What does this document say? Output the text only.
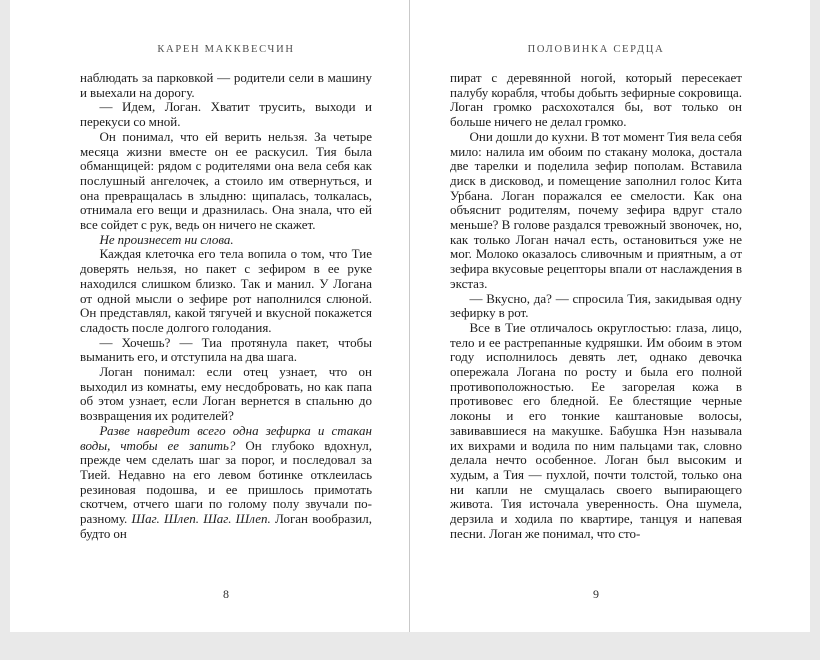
КАРЕН МАККВЕСЧИН

наблюдать за парковкой — родители сели в машину и выехали на дорогу.

— Идем, Логан. Хватит трусить, выходи и перекуси со мной.

Он понимал, что ей верить нельзя. За четыре месяца жизни вместе он ее раскусил. Тия была обманщицей: рядом с родителями она вела себя как послушный ангелочек, а стоило им отвернуться, и она превращалась в злыдню: щипалась, толкалась, отнимала его вещи и дразнилась. Она знала, что ей все сойдет с рук, ведь он ничего не скажет.

Не произнесет ни слова.

Каждая клеточка его тела вопила о том, что Тие доверять нельзя, но пакет с зефиром в ее руке находился слишком близко. Так и манил. У Логана от одной мысли о зефире рот наполнился слюной. Он представлял, какой тягучей и вкусной покажется сладость после долгого голодания.

— Хочешь? — Тиа протянула пакет, чтобы выманить его, и отступила на два шага.

Логан понимал: если отец узнает, что он выходил из комнаты, ему несдобровать, но как папа об этом узнает, если Логан вернется в спальню до возвращения их родителей?

Разве навредит всего одна зефирка и стакан воды, чтобы ее запить? Он глубоко вдохнул, прежде чем сделать шаг за порог, и последовал за Тией. Недавно на его левом ботинке отклеилась резиновая подошва, и ее пришлось примотать скотчем, отчего шаги по голому полу звучали по-разному. Шаг. Шлеп. Шаг. Шлеп. Логан вообразил, будто он

8
ПОЛОВИНКА СЕРДЦА

пират с деревянной ногой, который пересекает палубу корабля, чтобы добыть зефирные сокровища. Логан громко расхохотался бы, вот только он больше ничего не делал громко.

Они дошли до кухни. В тот момент Тия вела себя мило: налила им обоим по стакану молока, достала две тарелки и поделила зефир пополам. Вставила диск в дисковод, и помещение заполнил голос Кита Урбана. Логан поражался ее смелости. Как она объяснит родителям, почему зефира вдруг стало меньше? В голове раздался тревожный звоночек, но, как только Логан начал есть, остановиться уже не мог. Молоко оказалось сливочным и приятным, а от зефира вкусовые рецепторы впали от наслаждения в экстаз.

— Вкусно, да? — спросила Тия, закидывая одну зефирку в рот.

Все в Тие отличалось округлостью: глаза, лицо, тело и ее растрепанные кудряшки. Им обоим в этом году исполнилось девять лет, однако девочка опережала Логана по росту и была его полной противоположностью. Ее загорелая кожа в противовес его бледной. Ее блестящие черные локоны и его тонкие каштановые волосы, завивавшиеся на макушке. Бабушка Нэн называла их вихрами и водила по ним пальцами так, словно делала нечто особенное. Логан был высоким и худым, а Тия — пухлой, почти толстой, только она ни капли не смущалась своего выпирающего живота. Тия источала уверенность. Она шумела, дерзила и ходила по квартире, танцуя и напевая песни. Логан же понимал, что сто-

9
